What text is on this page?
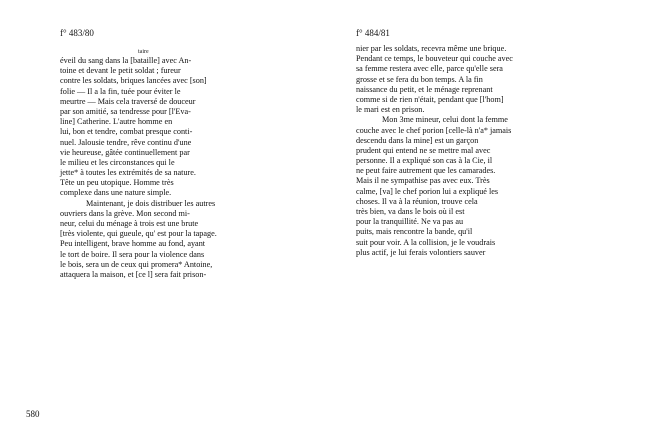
f° 483/80
taire
éveil du sang dans la [bataille] avec An-
toine et devant le petit soldat ; fureur
contre les soldats, briques lancées avec [son]
folie — Il a la fin, tuée pour éviter le
meurtre — Mais cela traversé de douceur
par son amitié, sa tendresse pour [l'Eva-
line] Catherine. L'autre homme en
lui, bon et tendre, combat presque conti-
nuel. Jalousie tendre, rêve continu d'une
vie heureuse, gâtée continuellement par
le milieu et les circonstances qui le
jette* à toutes les extrémités de sa nature.
Tête un peu utopique. Homme très
complexe dans une nature simple.
Maintenant, je dois distribuer les autres
ouvriers dans la grève. Mon second mi-
neur, celui du ménage à trois est une brute
[très violente, qui gueule, qu' est pour la tapage.
Peu intelligent, brave homme au fond, ayant
le tort de boire. Il sera pour la violence dans
le bois, sera un de ceux qui promera* Antoine,
attaquera la maison, et [ce l] sera fait prison-
580
f° 484/81
nier par les soldats, recevra même une brique.
Pendant ce temps, le bouveteur qui couche avec
sa femme restera avec elle, parce qu'elle sera
grosse et se fera du bon temps. A la fin
naissance du petit, et le ménage reprenant
comme si de rien n'était, pendant que [l'hom]
le mari est en prison.
Mon 3me mineur, celui dont la femme
couche avec le chef porion [celle-là n'a* jamais
descendu dans la mine] est un garçon
prudent qui entend ne se mettre mal avec
personne. Il a expliqué son cas à la Cie, il
ne peut faire autrement que les camarades.
Mais il ne sympathise pas avec eux. Très
calme, [va] le chef porion lui a expliqué les
choses. Il va à la réunion, trouve cela
très bien, va dans le bois où il est
pour la tranquillité. Ne va pas au
puits, mais rencontre la bande, qu'il
suit pour voir. A la collision, je le voudrais
plus actif, je lui ferais volontiers sauver
